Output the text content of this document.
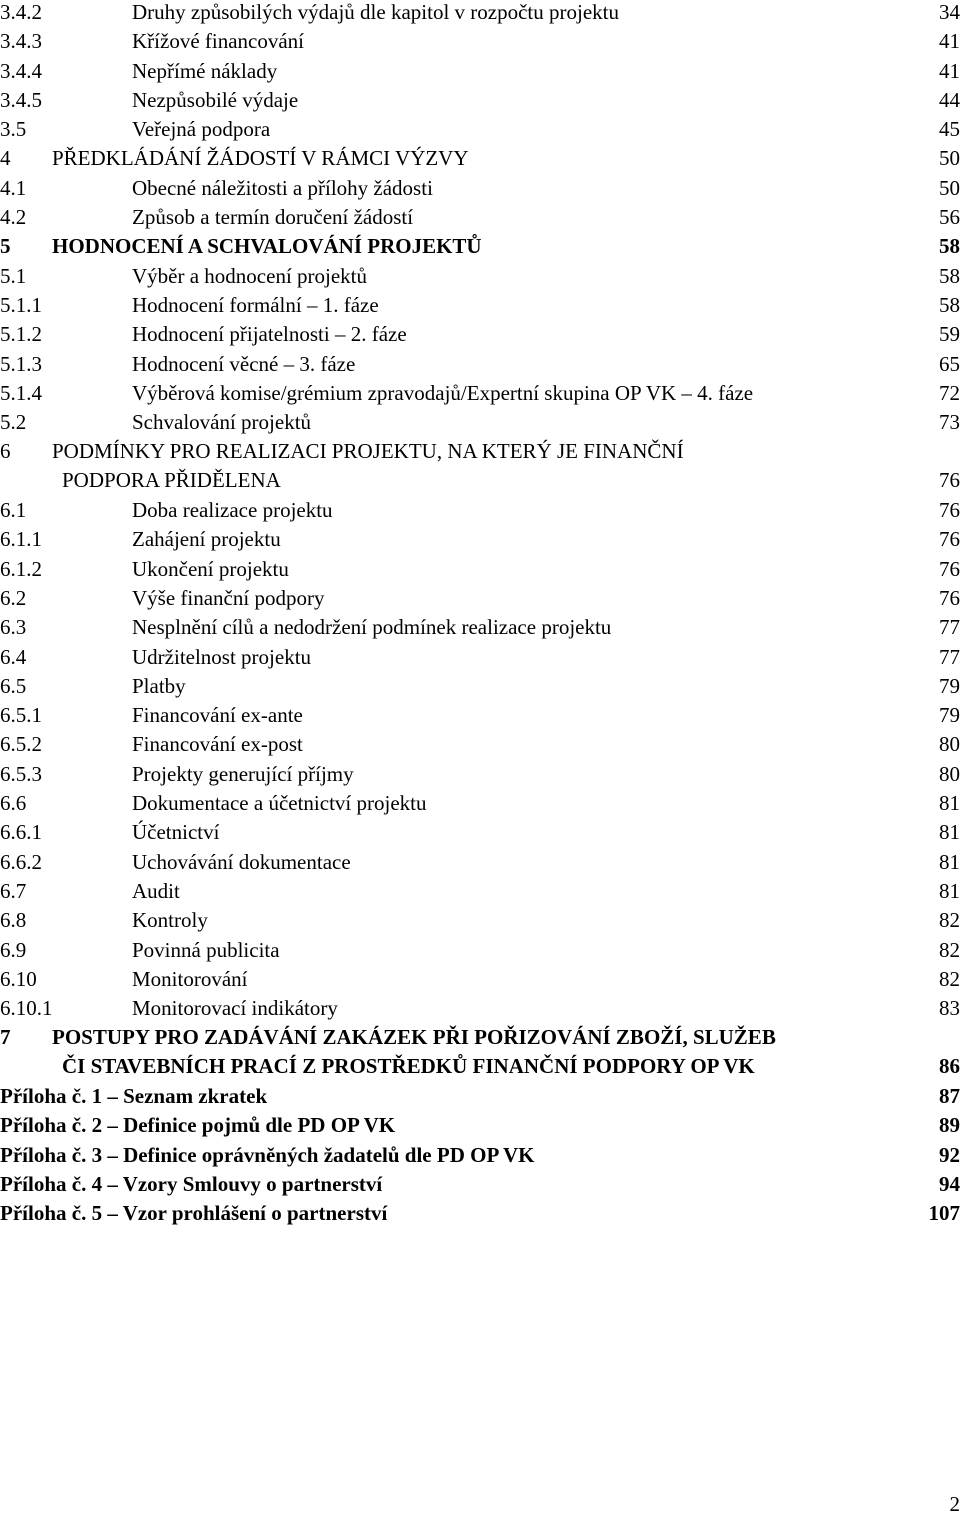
3.4.2	Druhy způsobilých výdajů dle kapitol v rozpočtu projektu	34
3.4.3	Křížové financování	41
3.4.4	Nepřímé náklady	41
3.4.5	Nezpůsobilé výdaje	44
3.5	Veřejná podpora	45
4 PŘEDKLÁDÁNÍ ŽÁDOSTÍ V RÁMCI VÝZVY	50
4.1	Obecné náležitosti a přílohy žádosti	50
4.2	Způsob a termín doručení žádostí	56
5 HODNOCENÍ A SCHVALOVÁNÍ PROJEKTŮ	58
5.1	Výběr a hodnocení projektů	58
5.1.1	Hodnocení formální – 1. fáze	58
5.1.2	Hodnocení přijatelnosti – 2. fáze	59
5.1.3	Hodnocení věcné – 3. fáze	65
5.1.4	Výběrová komise/grémium zpravodajů/Expertní skupina OP VK – 4. fáze	72
5.2	Schvalování projektů	73
6 PODMÍNKY PRO REALIZACI PROJEKTU, NA KTERÝ JE FINANČNÍ
PODPORA PŘIDĚLENA	76
6.1	Doba realizace projektu	76
6.1.1	Zahájení projektu	76
6.1.2	Ukončení projektu	76
6.2	Výše finanční podpory	76
6.3	Nesplnění cílů a nedodržení podmínek realizace projektu	77
6.4	Udržitelnost projektu	77
6.5	Platby	79
6.5.1	Financování ex-ante	79
6.5.2	Financování ex-post	80
6.5.3	Projekty generující příjmy	80
6.6	Dokumentace a účetnictví projektu	81
6.6.1	Účetnictví	81
6.6.2	Uchovávání dokumentace	81
6.7	Audit	81
6.8	Kontroly	82
6.9	Povinná publicita	82
6.10	Monitorování	82
6.10.1	Monitorovací indikátory	83
7 POSTUPY PRO ZADÁVÁNÍ ZAKÁZEK PŘI POŘIZOVÁNÍ ZBOŽÍ, SLUŽEB
ČI STAVEBNÍCH PRACÍ Z PROSTŘEDKŮ FINANČNÍ PODPORY OP VK	86
Příloha č. 1 – Seznam zkratek	87
Příloha č. 2 – Definice pojmů dle PD OP VK	89
Příloha č. 3 – Definice oprávněných žadatelů dle PD OP VK	92
Příloha č. 4 – Vzory Smlouvy o partnerství	94
Příloha č. 5 – Vzor prohlášení o partnerství	107
2
